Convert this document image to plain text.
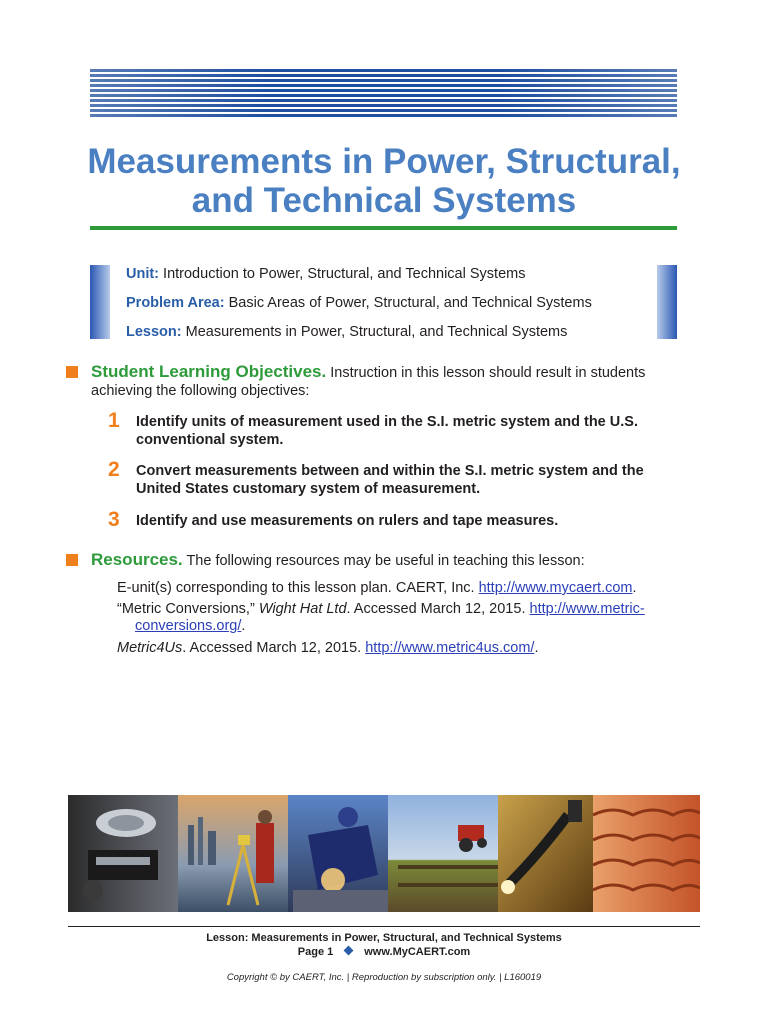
Measurements in Power, Structural,
and Technical Systems
Unit: Introduction to Power, Structural, and Technical Systems
Problem Area: Basic Areas of Power, Structural, and Technical Systems
Lesson: Measurements in Power, Structural, and Technical Systems
Student Learning Objectives. Instruction in this lesson should result in students achieving the following objectives:
1 Identify units of measurement used in the S.I. metric system and the U.S. conventional system.
2 Convert measurements between and within the S.I. metric system and the United States customary system of measurement.
3 Identify and use measurements on rulers and tape measures.
Resources. The following resources may be useful in teaching this lesson:
E-unit(s) corresponding to this lesson plan. CAERT, Inc. http://www.mycaert.com.
“Metric Conversions,” Wight Hat Ltd. Accessed March 12, 2015. http://www.metric-
conversions.org/.
Metric4Us. Accessed March 12, 2015. http://www.metric4us.com/.
Lesson: Measurements in Power, Structural, and Technical Systems
Page 1	www.MyCAERT.com
Copyright © by CAERT, Inc. | Reproduction by subscription only. | L160019
